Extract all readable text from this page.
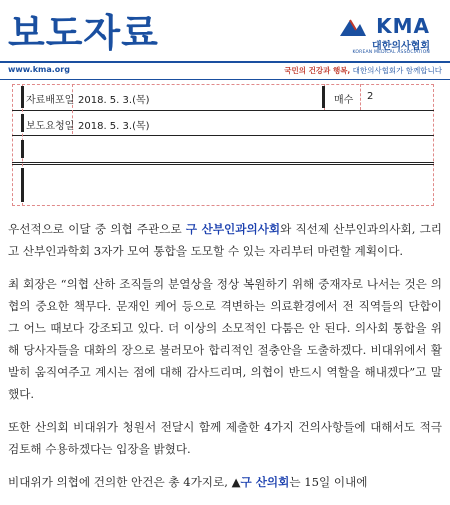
보도자료	KMA
대한의사협회
KOREAN MEDICAL ASSOCIATION
www.kma.org	국민의 건강과 행복, 대한의사협회가 함께합니다
자료배포일 2018. 5. 3.(목)	매수 2
보도요청일 2018. 5. 3.(목)

우선적으로 이달 중 의협 주관으로 구 산부인과의사회와 직선제 산부인과의사회, 그리고 산부인과학회 3자가 모여 통합을 도모할 수 있는 자리부터 마련할 계획이다.

최 회장은 “의협 산하 조직들의 분열상을 정상 복원하기 위해 중재자로 나서는 것은 의협의 중요한 책무다. 문재인 케어 등으로 격변하는 의료환경에서 전 직역들의 단합이 그 어느 때보다 강조되고 있다. 더 이상의 소모적인 다툼은 안 된다. 의사회 통합을 위해 당사자들을 대화의 장으로 불러모아 합리적인 절충안을 도출하겠다. 비대위에서 활발히 움직여주고 계시는 점에 대해 감사드리며, 의협이 반드시 역할을 해내겠다”고 말했다.

또한 산의회 비대위가 청원서 전달시 함께 제출한 4가지 건의사항들에 대해서도 적극 검토해 수용하겠다는 입장을 밝혔다.

비대위가 의협에 건의한 안건은 총 4가지로, ▲구 산의회는 15일 이내에
